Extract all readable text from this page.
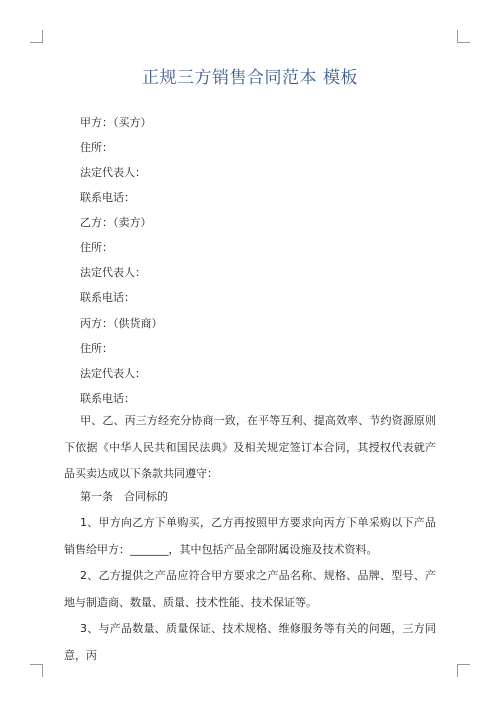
正规三方销售合同范本 模板
甲方：（买方）
住所：
法定代表人：
联系电话：
乙方：（卖方）
住所：
法定代表人：
联系电话：
丙方：（供货商）
住所：
法定代表人：
联系电话：
甲、乙、丙三方经充分协商一致，在平等互利、提高效率、节约资源原则下依据《中华人民共和国民法典》及相关规定签订本合同，其授权代表就产品买卖达成以下条款共同遵守：
第一条　合同标的
1、甲方向乙方下单购买，乙方再按照甲方要求向丙方下单采购以下产品销售给甲方：_______，其中包括产品全部附属设施及技术资料。
2、乙方提供之产品应符合甲方要求之产品名称、规格、品牌、型号、产地与制造商、数量、质量、技术性能、技术保证等。
3、与产品数量、质量保证、技术规格、维修服务等有关的问题，三方同意，丙
